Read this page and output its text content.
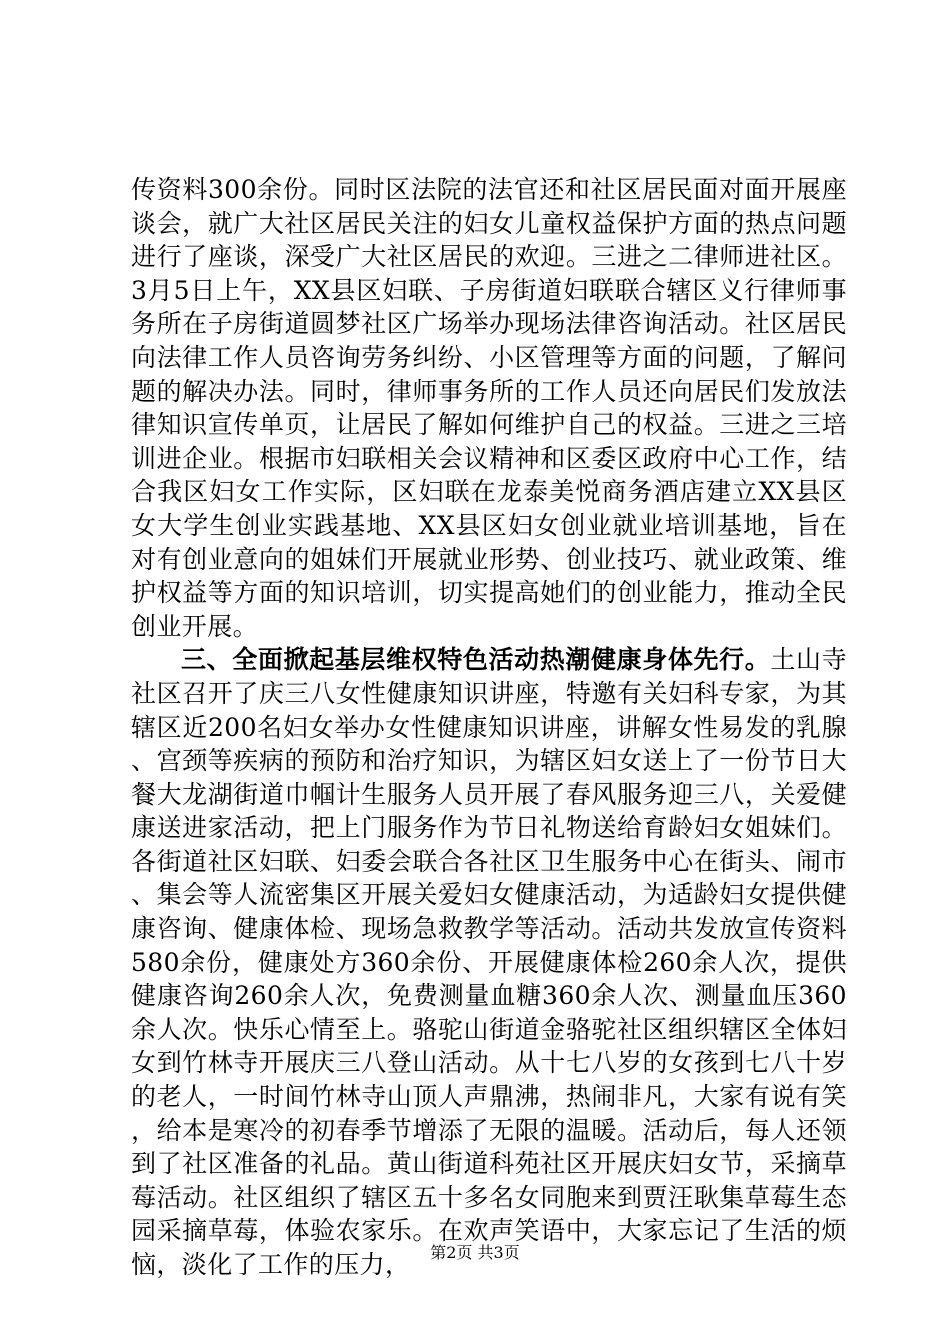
传资料300余份。同时区法院的法官还和社区居民面对面开展座谈会，就广大社区居民关注的妇女儿童权益保护方面的热点问题进行了座谈，深受广大社区居民的欢迎。三进之二律师进社区。3月5日上午，XX县区妇联、子房街道妇联联合辖区义行律师事务所在子房街道圆梦社区广场举办现场法律咨询活动。社区居民向法律工作人员咨询劳务纠纷、小区管理等方面的问题，了解问题的解决办法。同时，律师事务所的工作人员还向居民们发放法律知识宣传单页，让居民了解如何维护自己的权益。三进之三培训进企业。根据市妇联相关会议精神和区委区政府中心工作，结合我区妇女工作实际，区妇联在龙泰美悦商务酒店建立XX县区女大学生创业实践基地、XX县区妇女创业就业培训基地，旨在对有创业意向的姐妹们开展就业形势、创业技巧、就业政策、维护权益等方面的知识培训，切实提高她们的创业能力，推动全民创业开展。

三、全面掀起基层维权特色活动热潮健康身体先行。土山寺社区召开了庆三八女性健康知识讲座，特邀有关妇科专家，为其辖区近200名妇女举办女性健康知识讲座，讲解女性易发的乳腺、宫颈等疾病的预防和治疗知识，为辖区妇女送上了一份节日大餐大龙湖街道巾帼计生服务人员开展了春风服务迎三八，关爱健康送进家活动，把上门服务作为节日礼物送给育龄妇女姐妹们。各街道社区妇联、妇委会联合各社区卫生服务中心在街头、闹市、集会等人流密集区开展关爱妇女健康活动，为适龄妇女提供健康咨询、健康体检、现场急救教学等活动。活动共发放宣传资料580余份，健康处方360余份、开展健康体检260余人次，提供健康咨询260余人次，免费测量血糖360余人次、测量血压360余人次。快乐心情至上。骆驼山街道金骆驼社区组织辖区全体妇女到竹林寺开展庆三八登山活动。从十七八岁的女孩到七八十岁的老人，一时间竹林寺山顶人声鼎沸，热闹非凡，大家有说有笑，给本是寒冷的初春季节增添了无限的温暖。活动后，每人还领到了社区准备的礼品。黄山街道科苑社区开展庆妇女节，采摘草莓活动。社区组织了辖区五十多名女同胞来到贾汪耿集草莓生态园采摘草莓，体验农家乐。在欢声笑语中，大家忘记了生活的烦恼，淡化了工作的压力，	第2页 共3页
